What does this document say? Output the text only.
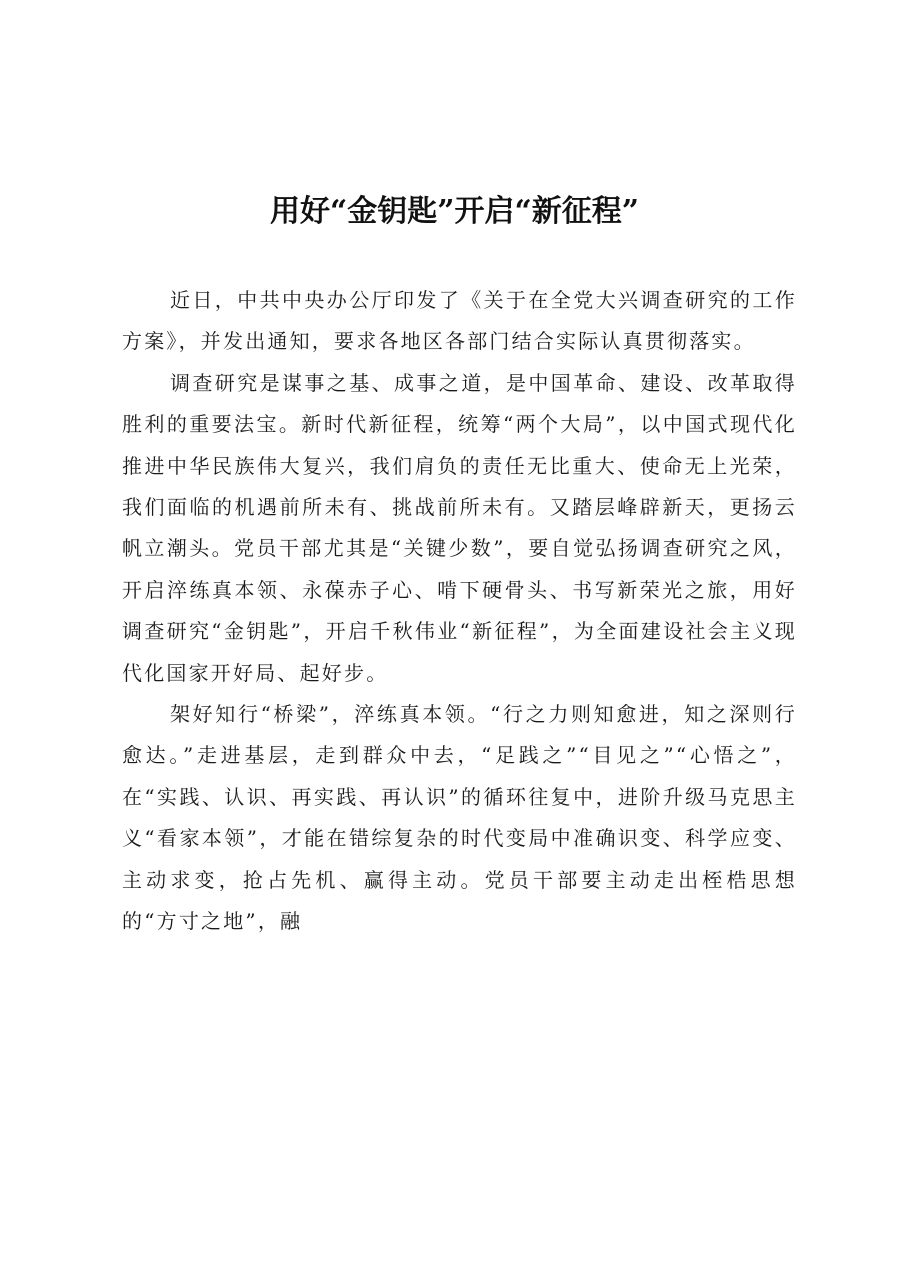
用好“金钥匙”开启“新征程”

近日，中共中央办公厅印发了《关于在全党大兴调查研究的工作方案》，并发出通知，要求各地区各部门结合实际认真贯彻落实。

调查研究是谋事之基、成事之道，是中国革命、建设、改革取得胜利的重要法宝。新时代新征程，统筹“两个大局”，以中国式现代化推进中华民族伟大复兴，我们肩负的责任无比重大、使命无上光荣，我们面临的机遇前所未有、挑战前所未有。又踏层峰辟新天，更扬云帆立潮头。党员干部尤其是“关键少数”，要自觉弘扬调查研究之风，开启淬练真本领、永葆赤子心、啃下硬骨头、书写新荣光之旅，用好调查研究“金钥匙”，开启千秋伟业“新征程”，为全面建设社会主义现代化国家开好局、起好步。

架好知行“桥梁”，淬练真本领。“行之力则知愈进，知之深则行愈达。”走进基层，走到群众中去，“足践之”“目见之”“心悟之”，在“实践、认识、再实践、再认识”的循环往复中，进阶升级马克思主义“看家本领”，才能在错综复杂的时代变局中准确识变、科学应变、主动求变，抢占先机、赢得主动。党员干部要主动走出桎梏思想的“方寸之地”，融
